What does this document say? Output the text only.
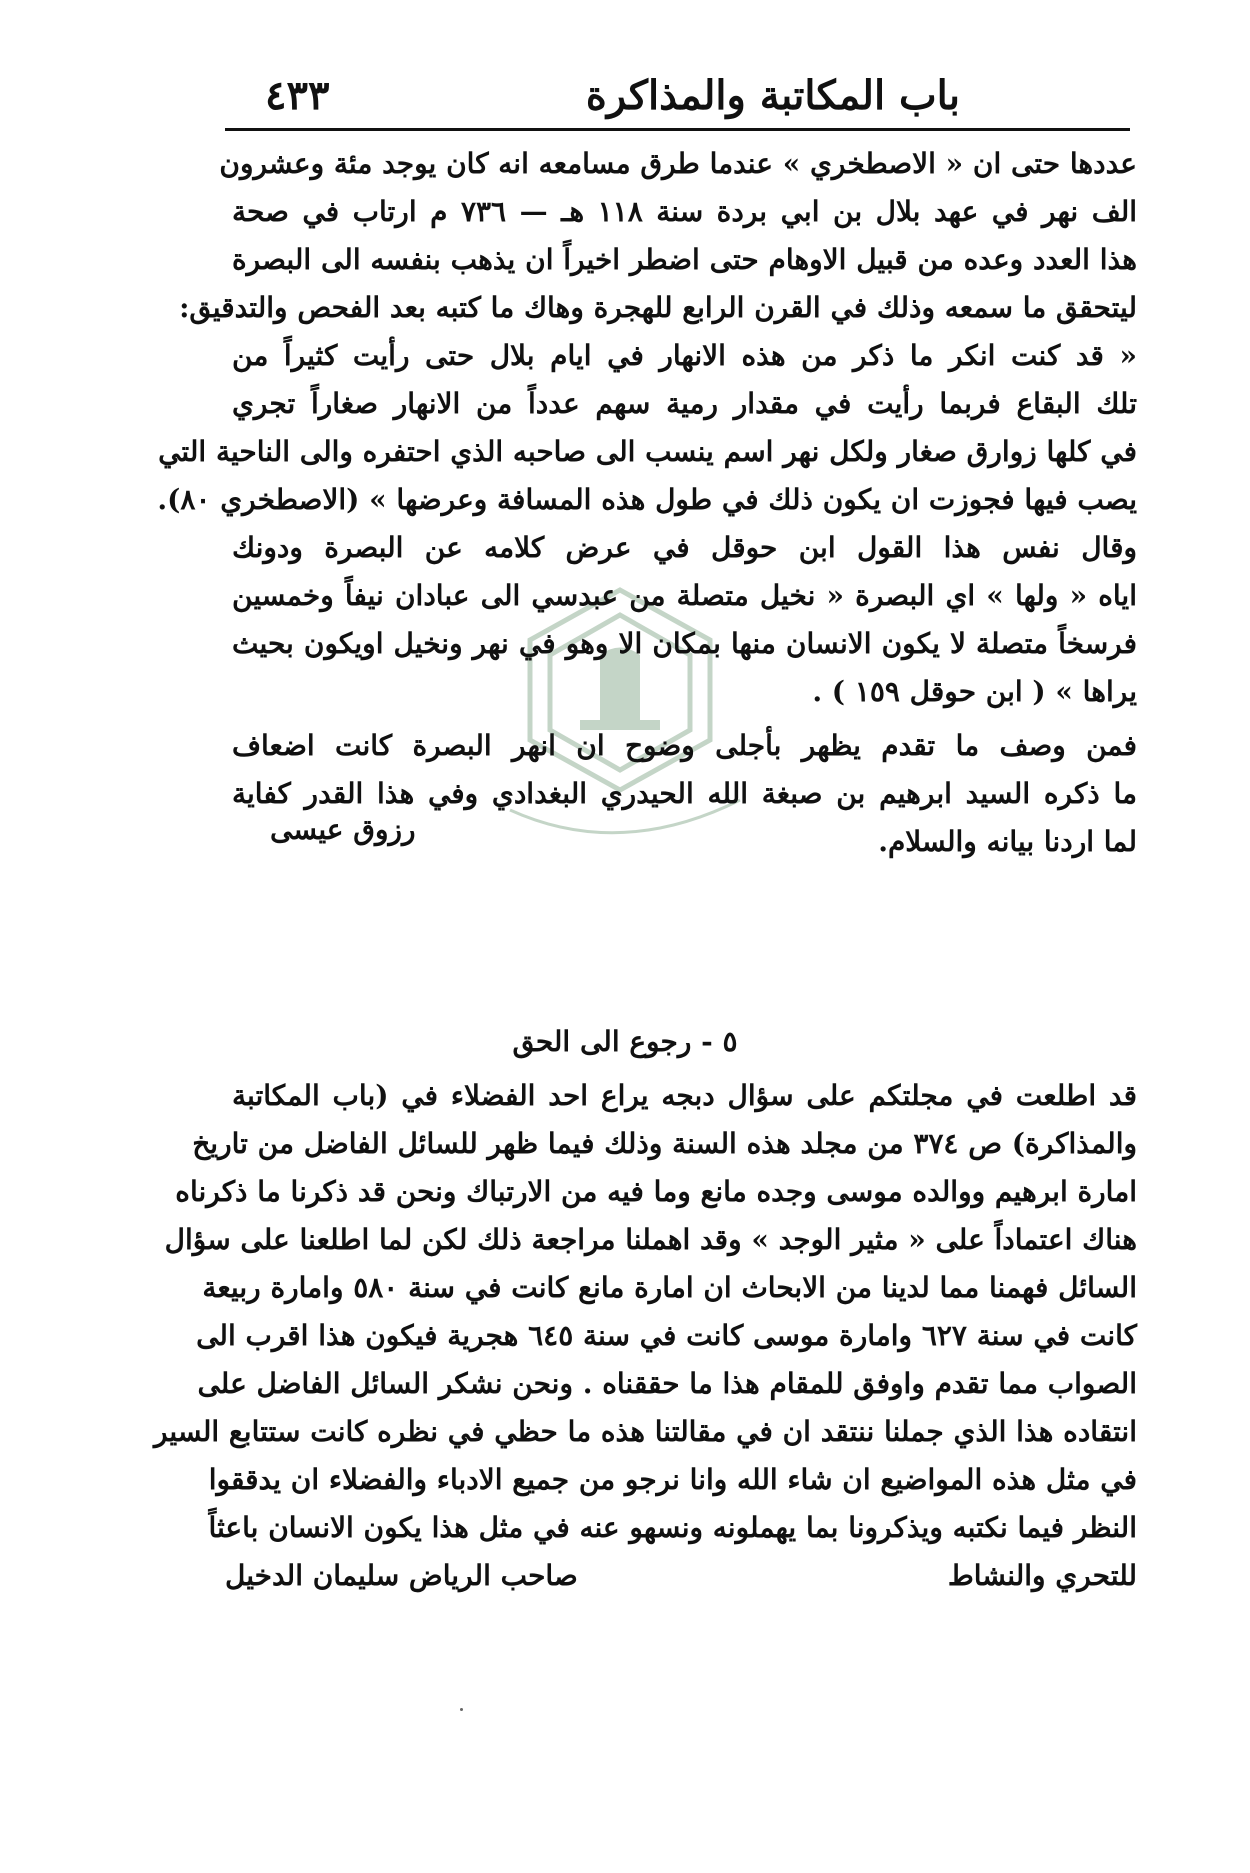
باب المكاتبة والمذاكرة
٤٣٣
عددها حتى ان « الاصطخري » عندما طرق مسامعه انه كان يوجد مئة وعشرون
الف نهر في عهد بلال بن ابي بردة سنة ١١٨ هـ — ٧٣٦ م ارتاب في صحة
هذا العدد وعده من قبيل الاوهام حتى اضطر اخيراً ان يذهب بنفسه الى البصرة
ليتحقق ما سمعه وذلك في القرن الرابع للهجرة وهاك ما كتبه بعد الفحص والتدقيق:
« قد كنت انكر ما ذكر من هذه الانهار في ايام بلال حتى رأيت كثيراً من
تلك البقاع فربما رأيت في مقدار رمية سهم عدداً من الانهار صغاراً تجري
في كلها زوارق صغار ولكل نهر اسم ينسب الى صاحبه الذي احتفره والى الناحية التي
يصب فيها فجوزت ان يكون ذلك في طول هذه المسافة وعرضها » (الاصطخري ٨٠).
وقال نفس هذا القول ابن حوقل في عرض كلامه عن البصرة ودونك
اياه « ولها » اي البصرة « نخيل متصلة من عبدسي الى عبادان نيفاً وخمسين
فرسخاً متصلة لا يكون الانسان منها بمكان الا وهو في نهر ونخيل اويكون بحيث
يراها » ( ابن حوقل ١٥٩ ) .
فمن وصف ما تقدم يظهر بأجلى وضوح ان انهر البصرة كانت اضعاف
ما ذكره السيد ابرهيم بن صبغة الله الحيدري البغدادي وفي هذا القدر كفاية
لما اردنا بيانه والسلام.
رزوق عيسى
٥ - رجوع الى الحق
قد اطلعت في مجلتكم على سؤال دبجه يراع احد الفضلاء في (باب المكاتبة
والمذاكرة) ص ٣٧٤ من مجلد هذه السنة وذلك فيما ظهر للسائل الفاضل من تاريخ
امارة ابرهيم ووالده موسى وجده مانع وما فيه من الارتباك ونحن قد ذكرنا ما ذكرناه
هناك اعتماداً على « مثير الوجد » وقد اهملنا مراجعة ذلك لكن لما اطلعنا على سؤال
السائل فهمنا مما لدينا من الابحاث ان امارة مانع كانت في سنة ٥٨٠ وامارة ربيعة
كانت في سنة ٦٢٧ وامارة موسى كانت في سنة ٦٤٥ هجرية فيكون هذا اقرب الى
الصواب مما تقدم واوفق للمقام هذا ما حققناه . ونحن نشكر السائل الفاضل على
انتقاده هذا الذي جملنا ننتقد ان في مقالتنا هذه ما حظي في نظره كانت ستتابع السير
في مثل هذه المواضيع ان شاء الله وانا نرجو من جميع الادباء والفضلاء ان يدققوا
النظر فيما نكتبه ويذكرونا بما يهملونه ونسهو عنه في مثل هذا يكون الانسان باعثاً
للتحري والنشاط
صاحب الرياض سليمان الدخيل
